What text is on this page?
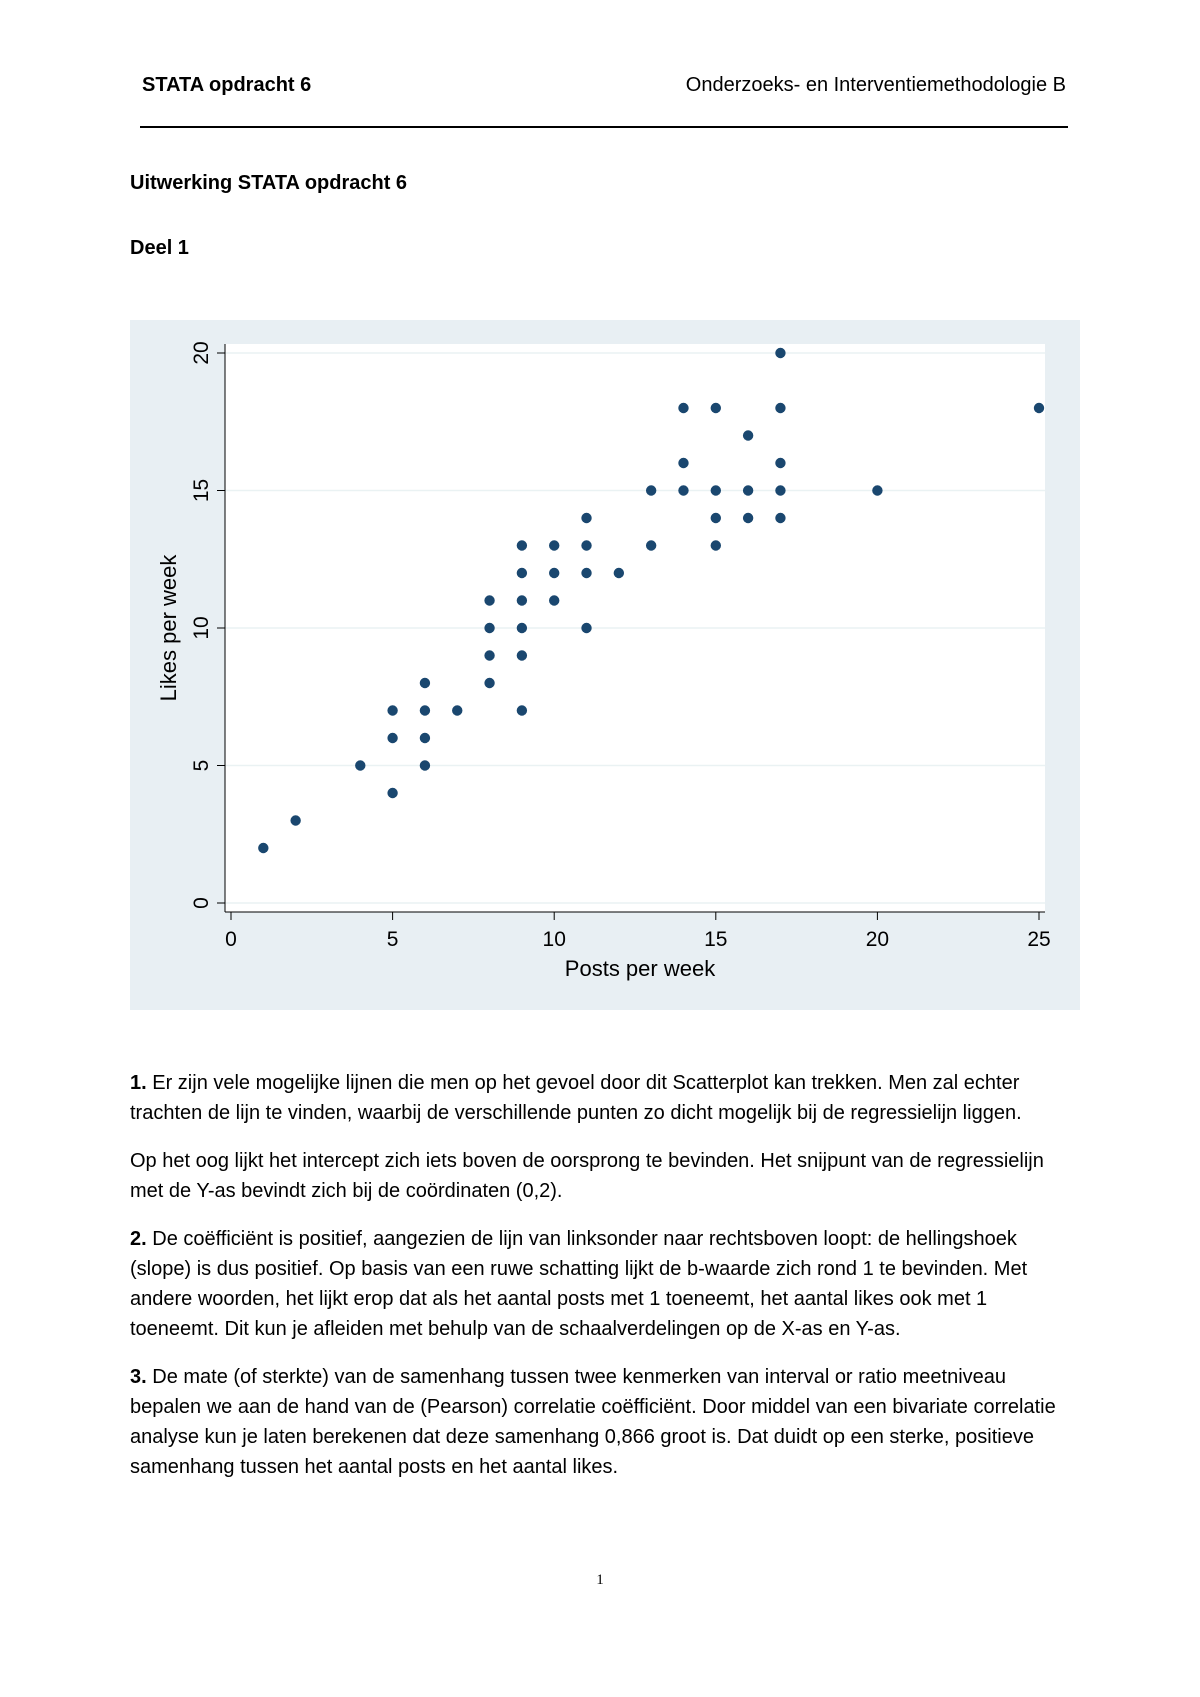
STATA opdracht 6	Onderzoeks- en Interventiemethodologie B
Uitwerking STATA opdracht 6
Deel 1
0	5	10	15	20	25
0
5
10
15
20
Posts per week
Likes per week

1. Er zijn vele mogelijke lijnen die men op het gevoel door dit Scatterplot kan trekken. Men zal echter trachten de lijn te vinden, waarbij de verschillende punten zo dicht mogelijk bij de regressielijn liggen.

Op het oog lijkt het intercept zich iets boven de oorsprong te bevinden. Het snijpunt van de regressielijn met de Y-as bevindt zich bij de coördinaten (0,2).

2. De coëfficiënt is positief, aangezien de lijn van linksonder naar rechtsboven loopt: de hellingshoek (slope) is dus positief. Op basis van een ruwe schatting lijkt de b-waarde zich rond 1 te bevinden. Met andere woorden, het lijkt erop dat als het aantal posts met 1 toeneemt, het aantal likes ook met 1 toeneemt. Dit kun je afleiden met behulp van de schaalverdelingen op de X-as en Y-as.

3. De mate (of sterkte) van de samenhang tussen twee kenmerken van interval or ratio meetniveau bepalen we aan de hand van de (Pearson) correlatie coëfficiënt. Door middel van een bivariate correlatie analyse kun je laten berekenen dat deze samenhang 0,866 groot is. Dat duidt op een sterke, positieve samenhang tussen het aantal posts en het aantal likes.

1
